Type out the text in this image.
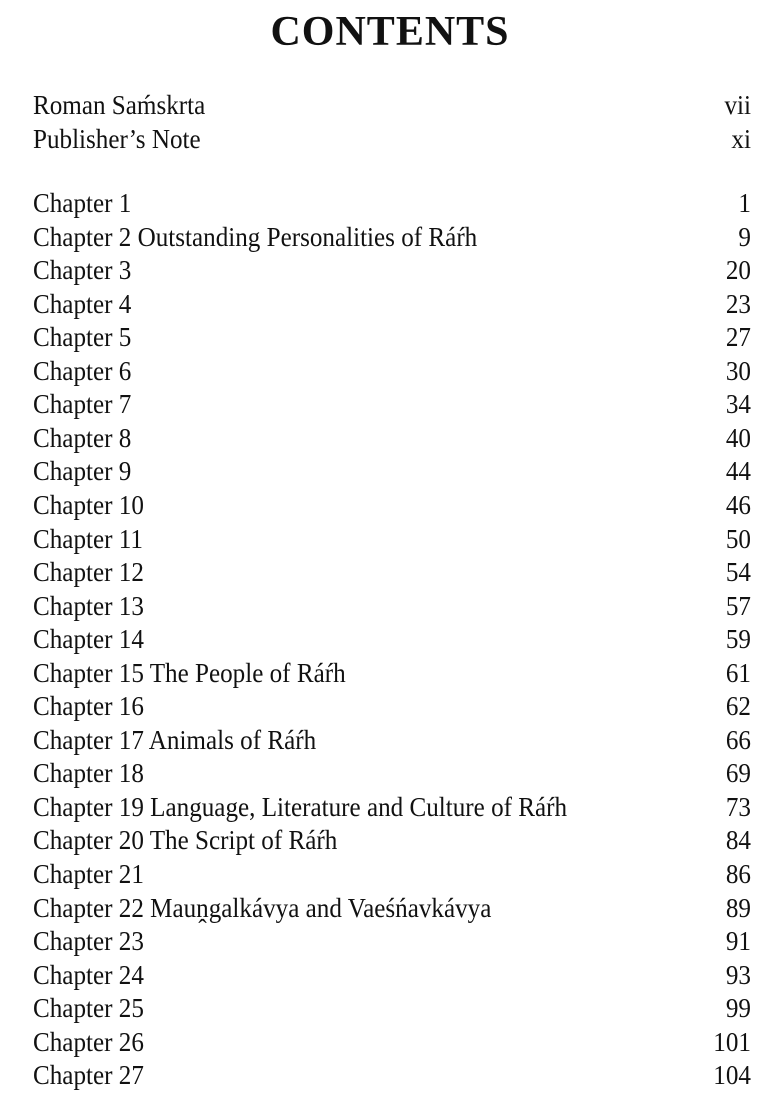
CONTENTS
Roman Saḿskrta	vii
Publisher’s Note	xi
Chapter 1	1
Chapter 2 Outstanding Personalities of Ráŕh	9
Chapter 3	20
Chapter 4	23
Chapter 5	27
Chapter 6	30
Chapter 7	34
Chapter 8	40
Chapter 9	44
Chapter 10	46
Chapter 11	50
Chapter 12	54
Chapter 13	57
Chapter 14	59
Chapter 15 The People of Ráŕh	61
Chapter 16	62
Chapter 17 Animals of Ráŕh	66
Chapter 18	69
Chapter 19 Language, Literature and Culture of Ráŕh	73
Chapter 20 The Script of Ráŕh	84
Chapter 21	86
Chapter 22 Mauṋgalkávya and Vaeśńavkávya	89
Chapter 23	91
Chapter 24	93
Chapter 25	99
Chapter 26	101
Chapter 27	104
